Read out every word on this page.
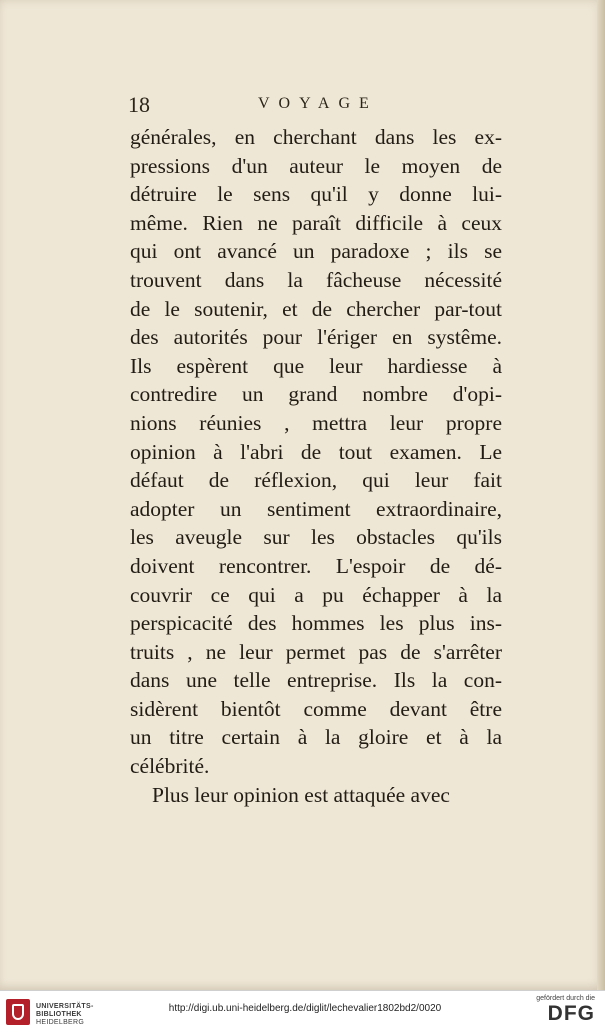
18	VOYAGE
générales, en cherchant dans les ex-
pressions d'un auteur le moyen de
détruire le sens qu'il y donne lui-
même. Rien ne paraît difficile à ceux
qui ont avancé un paradoxe ; ils se
trouvent dans la fâcheuse nécessité
de le soutenir, et de chercher par-tout
des autorités pour l'ériger en systême.
Ils espèrent que leur hardiesse à
contredire un grand nombre d'opi-
nions réunies , mettra leur propre
opinion à l'abri de tout examen. Le
défaut de réflexion, qui leur fait
adopter un sentiment extraordinaire,
les aveugle sur les obstacles qu'ils
doivent rencontrer. L'espoir de dé-
couvrir ce qui a pu échapper à la
perspicacité des hommes les plus ins-
truits , ne leur permet pas de s'arrêter
dans une telle entreprise. Ils la con-
sidèrent bientôt comme devant être
un titre certain à la gloire et à la
célébrité.
Plus leur opinion est attaquée avec
UNIVERSITÄTS-
BIBLIOTHEK
HEIDELBERG
http://digi.ub.uni-heidelberg.de/diglit/lechevalier1802bd2/0020
gefördert durch die
DFG
